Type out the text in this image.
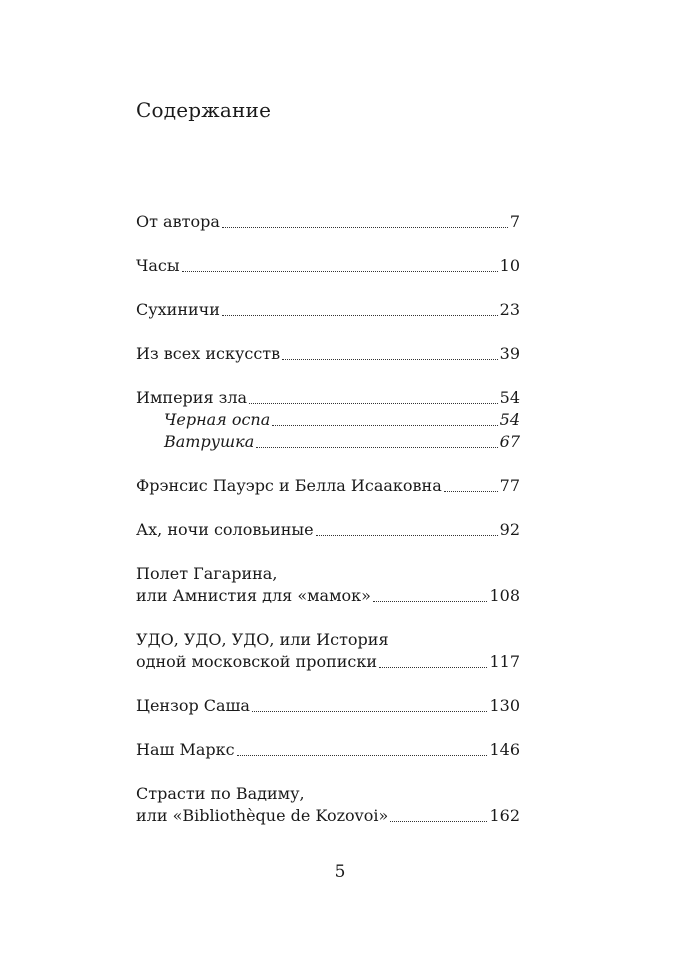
Содержание
От автора	7
Часы	10
Сухиничи	23
Из всех искусств	39
Империя зла	54
Черная оспа	54
Ватрушка	67
Фрэнсис Пауэрс и Белла Исааковна	77
Ах, ночи соловьиные	92
Полет Гагарина,
или Амнистия для «мамок»	108
УДО, УДО, УДО, или История
одной московской прописки	117
Цензор Саша	130
Наш Маркс	146
Страсти по Вадиму,
или «Bibliothèque de Kozovoi»	162
5
